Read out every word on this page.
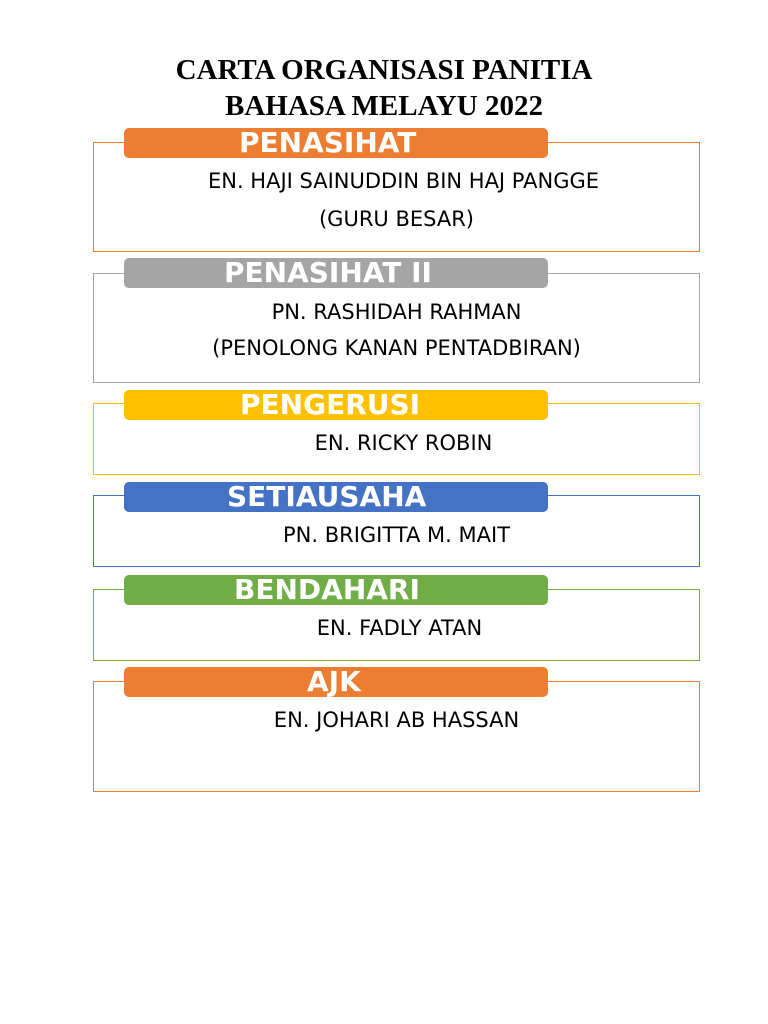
CARTA ORGANISASI PANITIA
BAHASA MELAYU 2022
PENASIHAT
EN. HAJI SAINUDDIN BIN HAJ PANGGE
(GURU BESAR)
PENASIHAT II
PN. RASHIDAH RAHMAN
(PENOLONG KANAN PENTADBIRAN)
PENGERUSI
EN. RICKY ROBIN
SETIAUSAHA
PN. BRIGITTA M. MAIT
BENDAHARI
EN. FADLY ATAN
AJK
EN. JOHARI AB HASSAN
